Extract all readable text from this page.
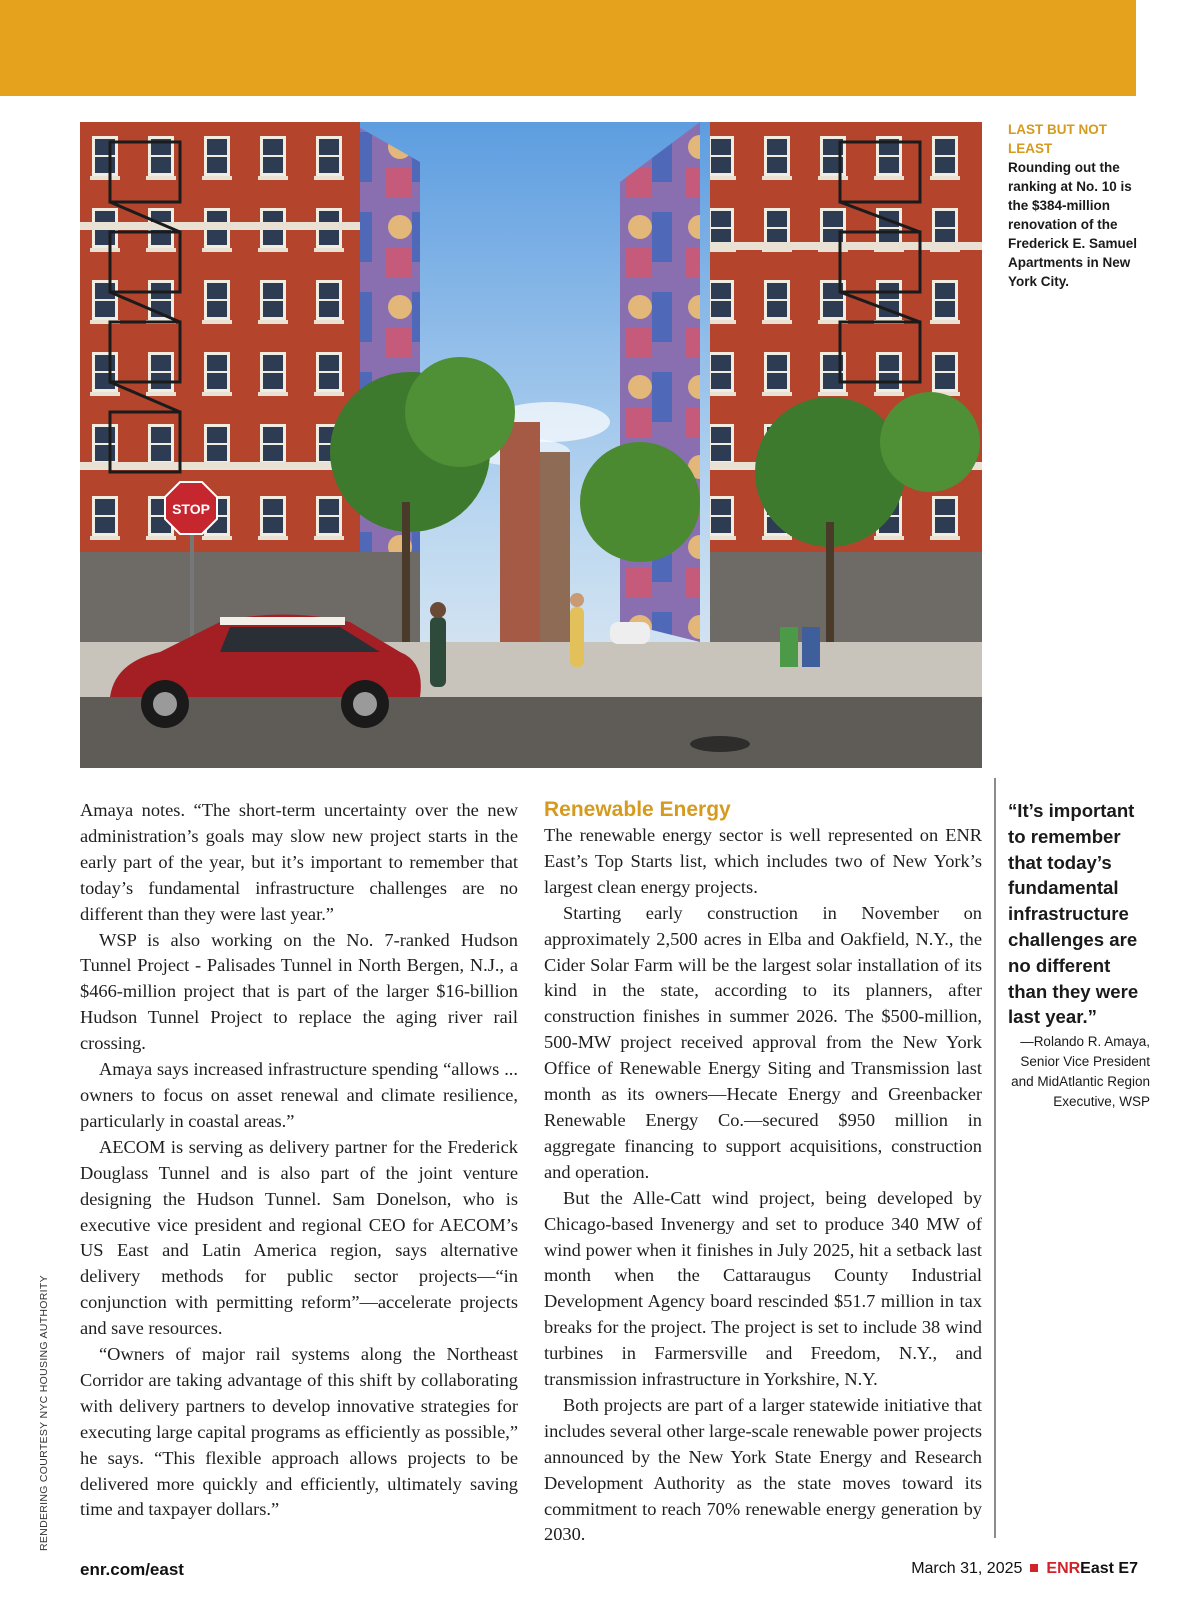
STOP
LAST BUT NOT LEAST
Rounding out the ranking at No. 10 is the $384-million renovation of the Frederick E. Samuel Apartments in New York City.
RENDERING COURTESY NYC HOUSING AUTHORITY

Amaya notes. “The short-term uncertainty over the new administration’s goals may slow new project starts in the early part of the year, but it’s important to remember that today’s fundamental infrastructure challenges are no different than they were last year.”

WSP is also working on the No. 7-ranked Hudson Tunnel Project - Palisades Tunnel in North Bergen, N.J., a $466-million project that is part of the larger $16-billion Hudson Tunnel Project to replace the aging river rail crossing.

Amaya says increased infrastructure spending “allows ... owners to focus on asset renewal and climate resilience, particularly in coastal areas.”

AECOM is serving as delivery partner for the Frederick Douglass Tunnel and is also part of the joint venture designing the Hudson Tunnel. Sam Donelson, who is executive vice president and regional CEO for AECOM’s US East and Latin America region, says alternative delivery methods for public sector projects—“in conjunction with permitting reform”—accelerate projects and save resources.

“Owners of major rail systems along the Northeast Corridor are taking advantage of this shift by collaborating with delivery partners to develop innovative strategies for executing large capital programs as efficiently as possible,” he says. “This flexible approach allows projects to be delivered more quickly and efficiently, ultimately saving time and taxpayer dollars.”

Renewable Energy

The renewable energy sector is well represented on ENR East’s Top Starts list, which includes two of New York’s largest clean energy projects.

Starting early construction in November on approximately 2,500 acres in Elba and Oakfield, N.Y., the Cider Solar Farm will be the largest solar installation of its kind in the state, according to its planners, after construction finishes in summer 2026. The $500-million, 500-MW project received approval from the New York Office of Renewable Energy Siting and Transmission last month as its owners—Hecate Energy and Greenbacker Renewable Energy Co.—secured $950 million in aggregate financing to support acquisitions, construction and operation.

But the Alle-Catt wind project, being developed by Chicago-based Invenergy and set to produce 340 MW of wind power when it finishes in July 2025, hit a setback last month when the Cattaraugus County Industrial Development Agency board rescinded $51.7 million in tax breaks for the project. The project is set to include 38 wind turbines in Farmersville and Freedom, N.Y., and transmission infrastructure in Yorkshire, N.Y.

Both projects are part of a larger statewide initiative that includes several other large-scale renewable power projects announced by the New York State Energy and Research Development Authority as the state moves toward its commitment to reach 70% renewable energy generation by 2030.

“It’s important to remember that today’s fundamental infrastructure challenges are no different than they were last year.”
—Rolando R. Amaya, Senior Vice President and MidAtlantic Region Executive, WSP
enr.com/east	March 31, 2025 ENREast E7
